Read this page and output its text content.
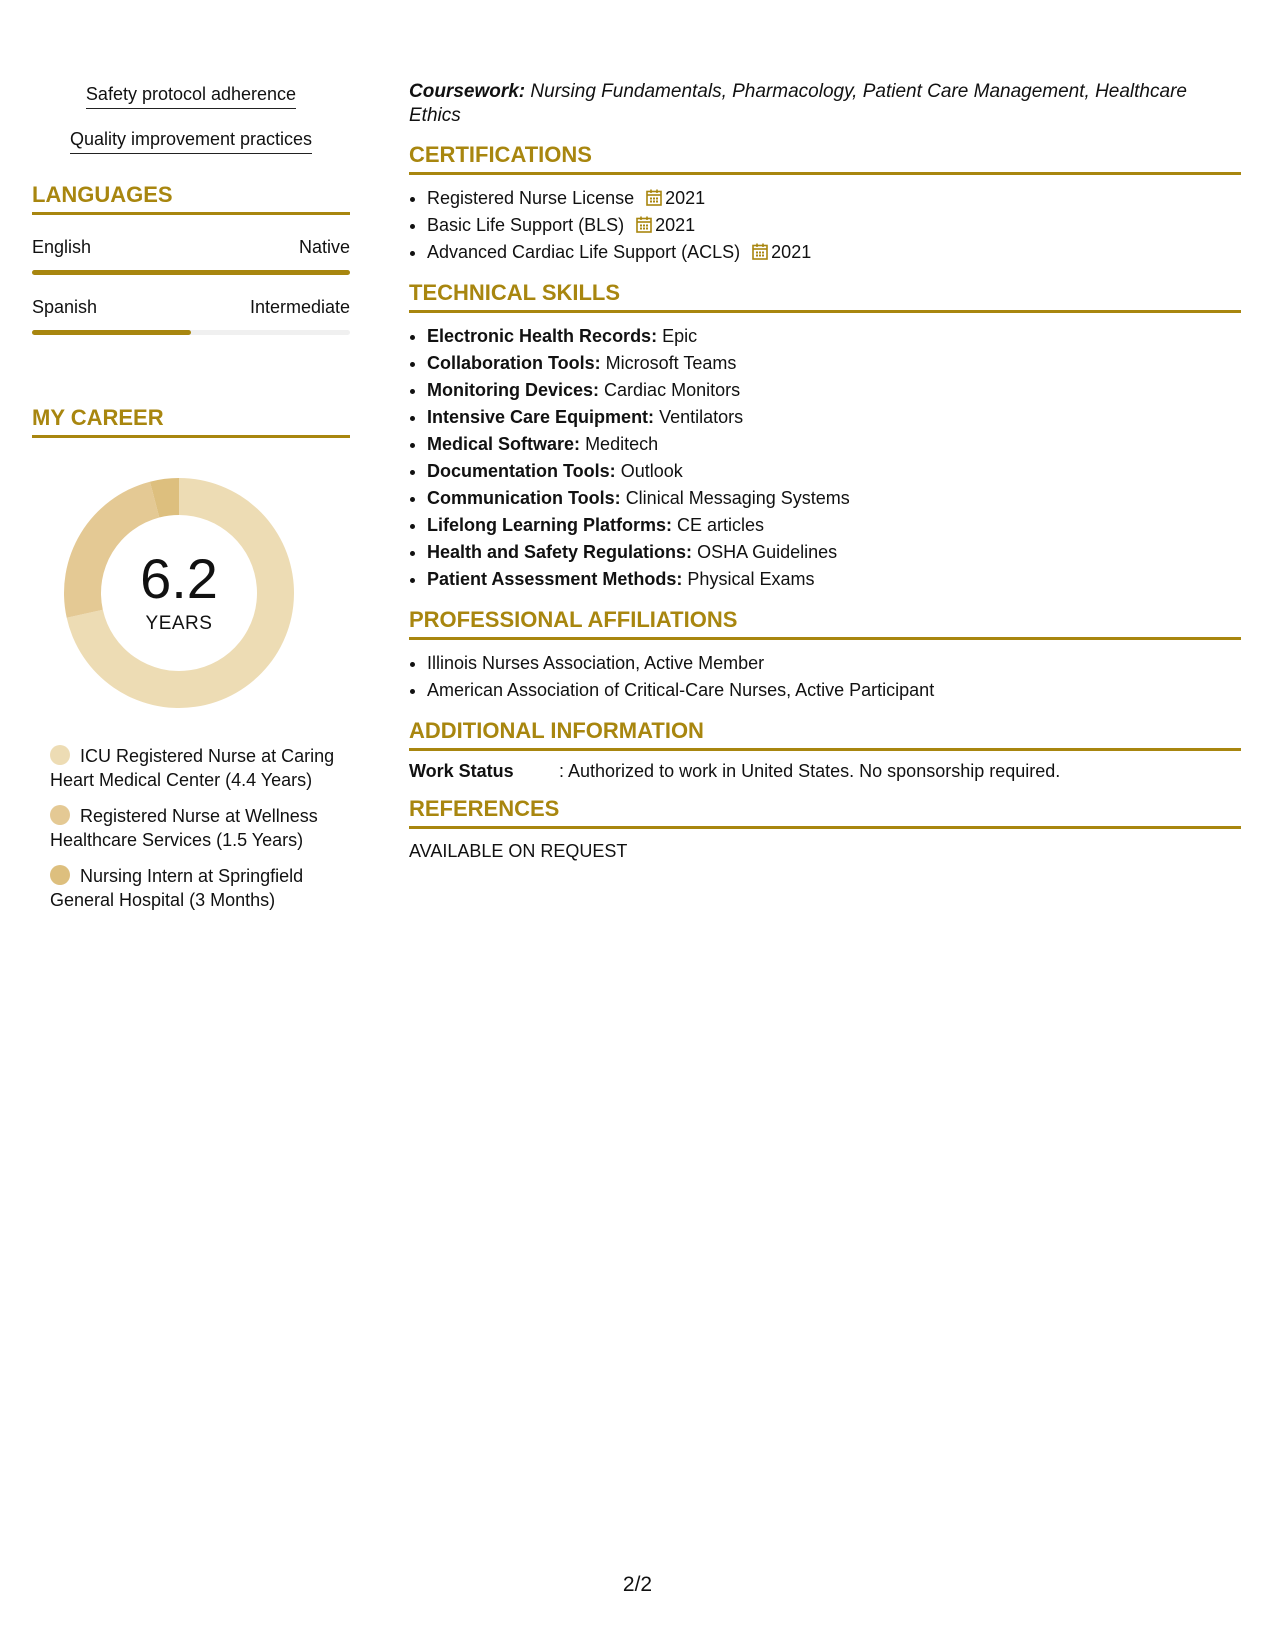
Safety protocol adherence
Quality improvement practices
LANGUAGES
English	Native
Spanish	Intermediate
MY CAREER
6.2
YEARS
ICU Registered Nurse at Caring Heart Medical Center (4.4 Years)
Registered Nurse at Wellness Healthcare Services (1.5 Years)
Nursing Intern at Springfield General Hospital (3 Months)
Coursework: Nursing Fundamentals, Pharmacology, Patient Care Management, Healthcare Ethics
CERTIFICATIONS
• Registered Nurse License 2021
• Basic Life Support (BLS) 2021
• Advanced Cardiac Life Support (ACLS) 2021
TECHNICAL SKILLS
• Electronic Health Records: Epic
• Collaboration Tools: Microsoft Teams
• Monitoring Devices: Cardiac Monitors
• Intensive Care Equipment: Ventilators
• Medical Software: Meditech
• Documentation Tools: Outlook
• Communication Tools: Clinical Messaging Systems
• Lifelong Learning Platforms: CE articles
• Health and Safety Regulations: OSHA Guidelines
• Patient Assessment Methods: Physical Exams
PROFESSIONAL AFFILIATIONS
• Illinois Nurses Association, Active Member
• American Association of Critical-Care Nurses, Active Participant
ADDITIONAL INFORMATION
Work Status	: Authorized to work in United States. No sponsorship required.
REFERENCES
AVAILABLE ON REQUEST
2/2
